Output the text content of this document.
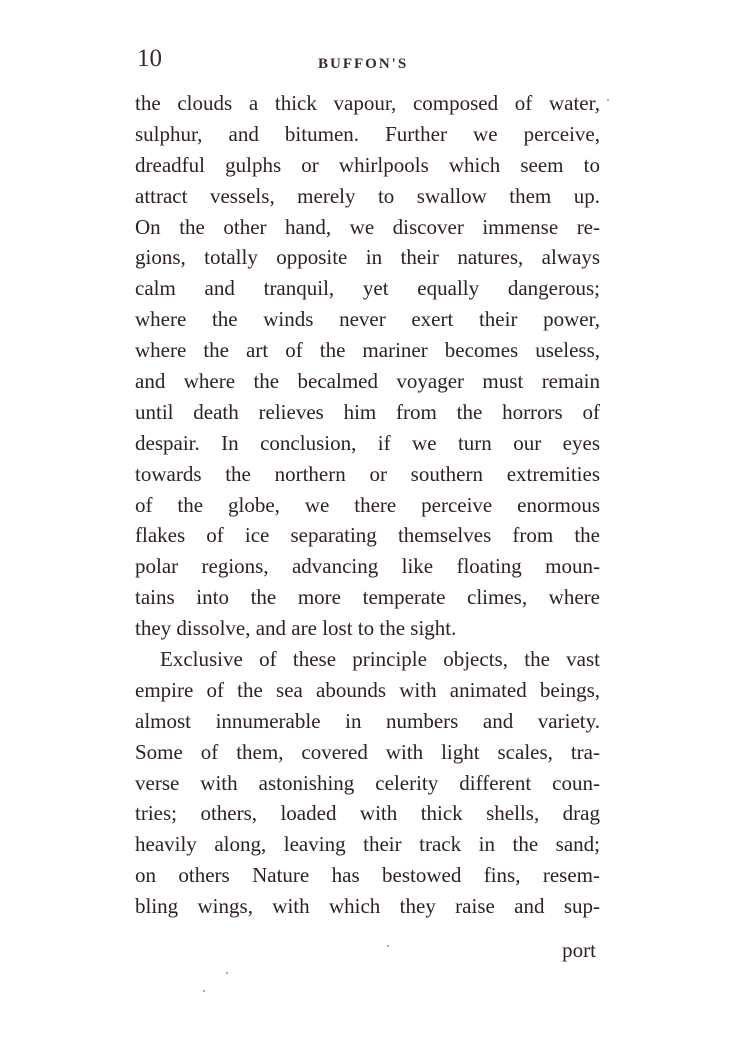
10	BUFFON'S
the clouds a thick vapour, composed of water,
sulphur, and bitumen. Further we perceive,
dreadful gulphs or whirlpools which seem to
attract vessels, merely to swallow them up.
On the other hand, we discover immense re-
gions, totally opposite in their natures, always
calm and tranquil, yet equally dangerous;
where the winds never exert their power,
where the art of the mariner becomes useless,
and where the becalmed voyager must remain
until death relieves him from the horrors of
despair. In conclusion, if we turn our eyes
towards the northern or southern extremities
of the globe, we there perceive enormous
flakes of ice separating themselves from the
polar regions, advancing like floating moun-
tains into the more temperate climes, where
they dissolve, and are lost to the sight.
Exclusive of these principle objects, the vast
empire of the sea abounds with animated beings,
almost innumerable in numbers and variety.
Some of them, covered with light scales, tra-
verse with astonishing celerity different coun-
tries; others, loaded with thick shells, drag
heavily along, leaving their track in the sand;
on others Nature has bestowed fins, resem-
bling wings, with which they raise and sup-
port
